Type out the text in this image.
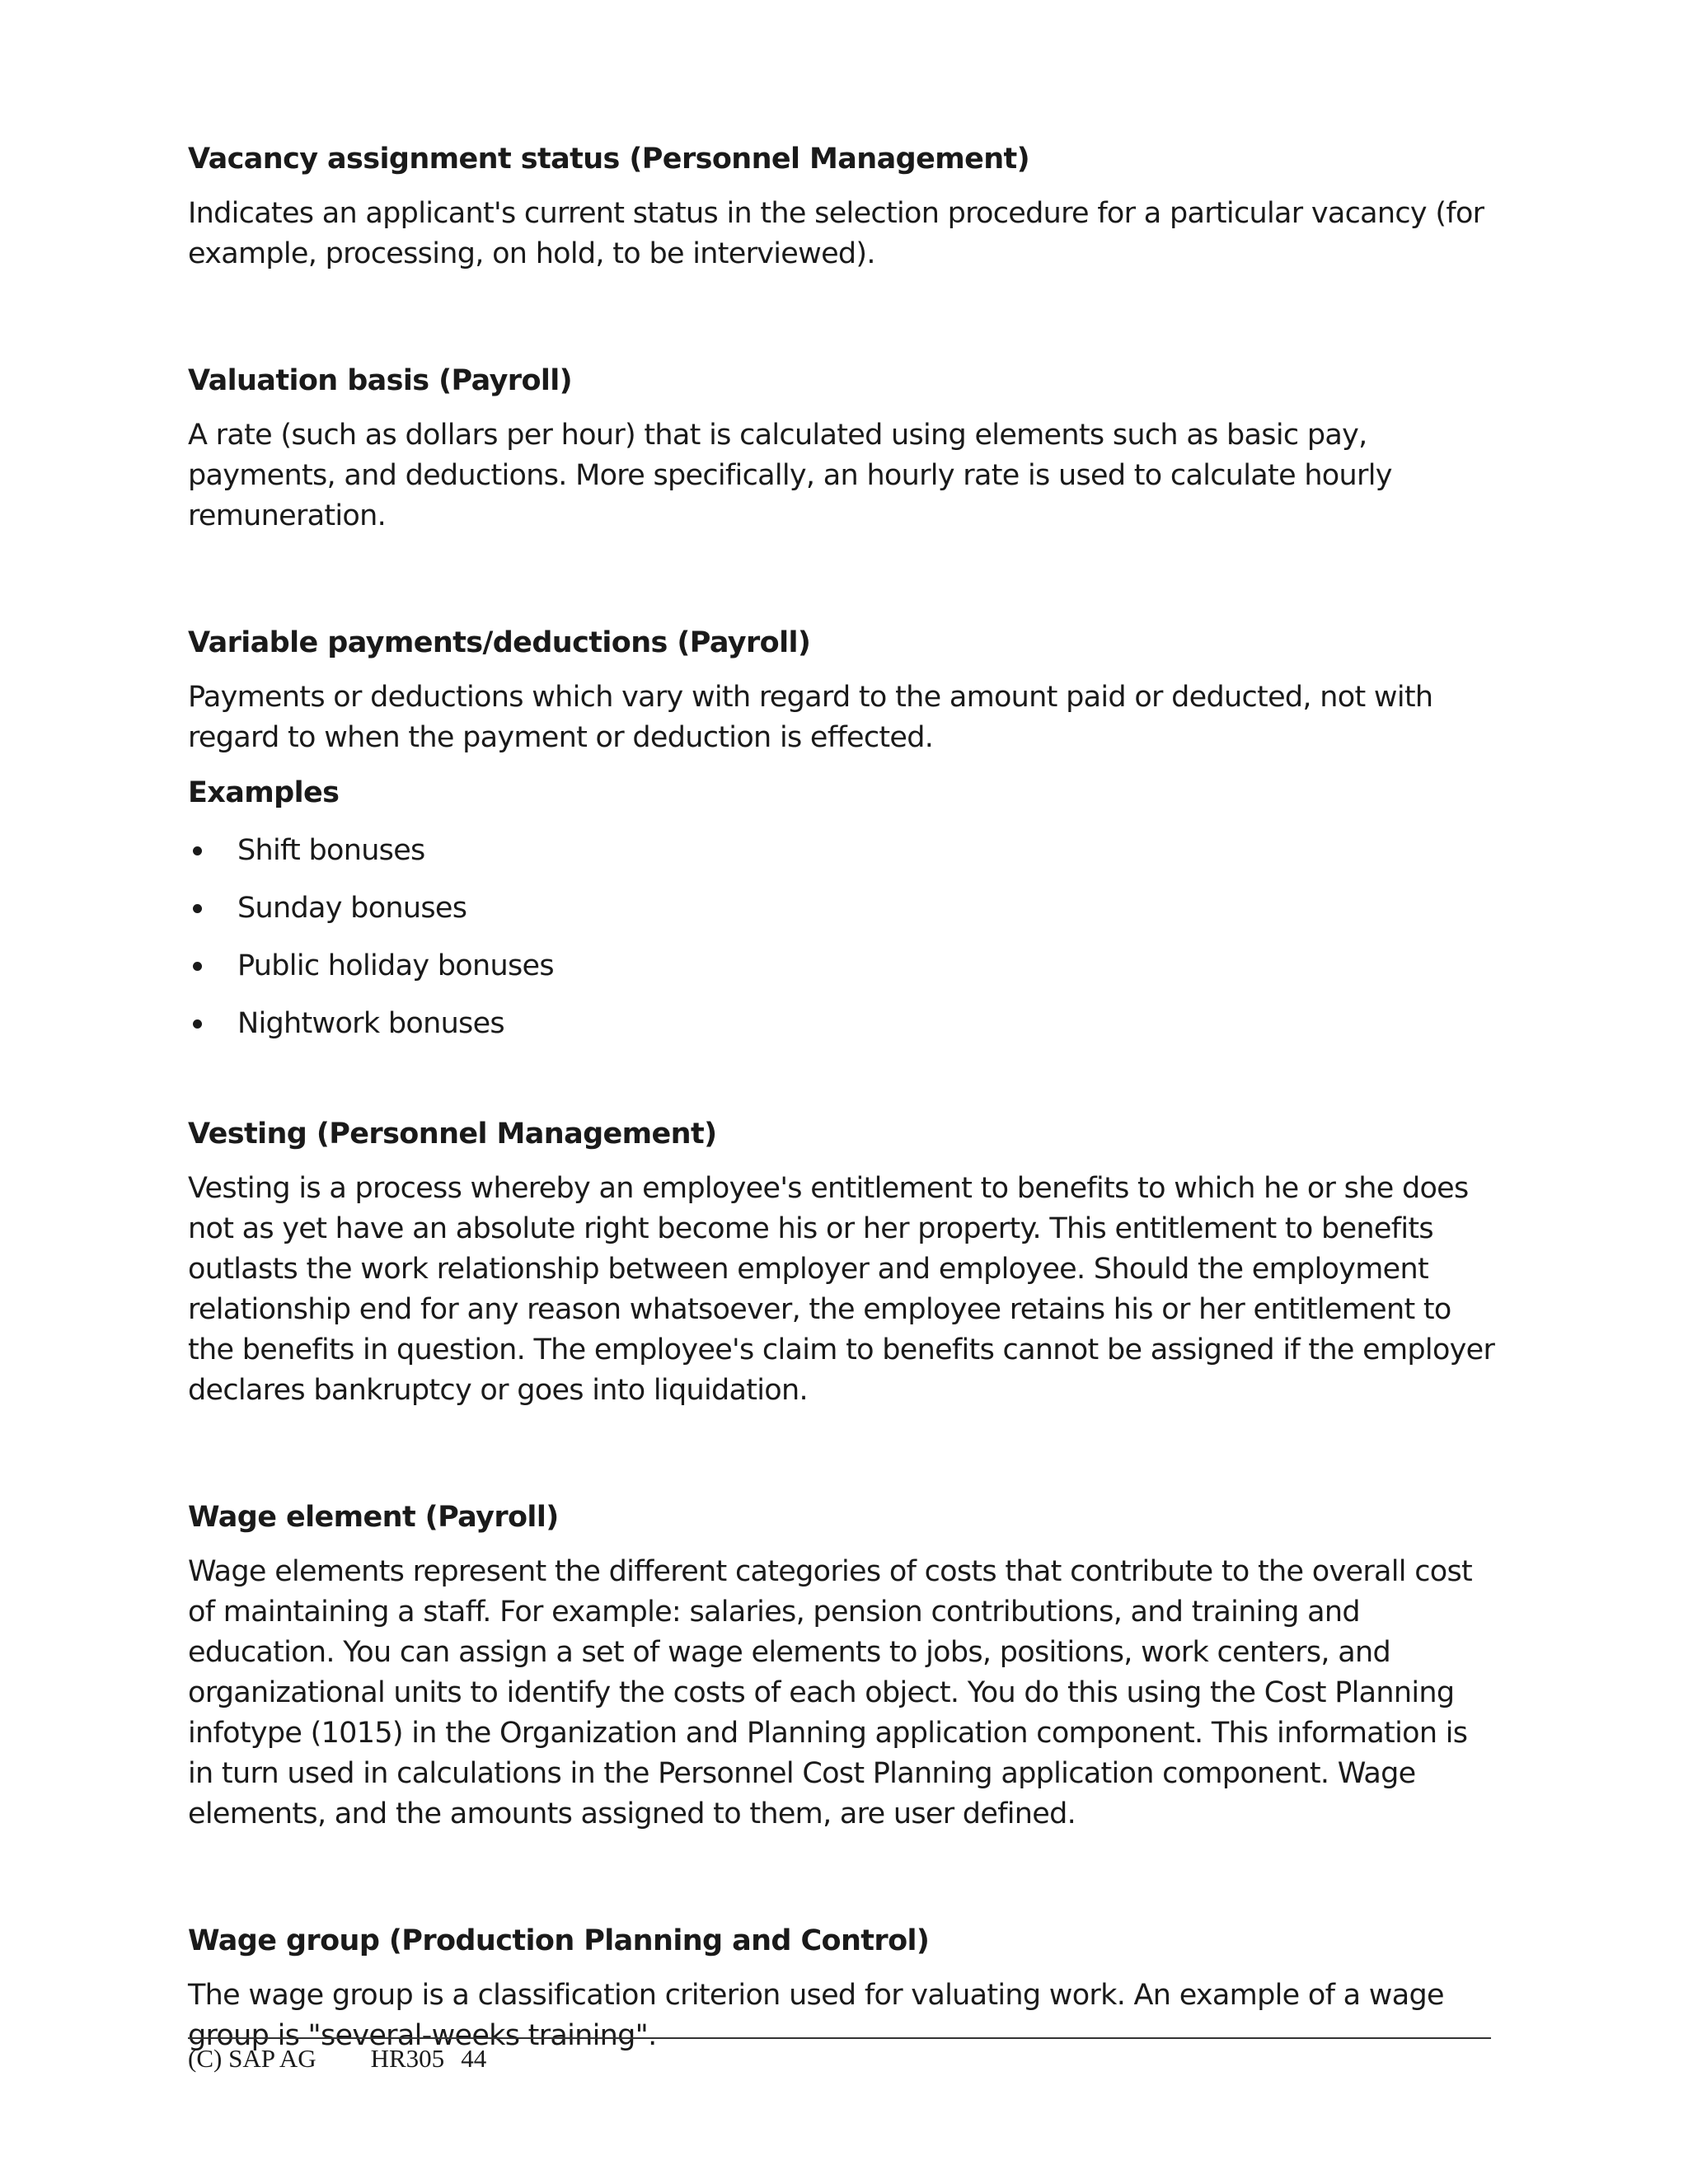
Vacancy assignment status (Personnel Management)

Indicates an applicant's current status in the selection procedure for a particular vacancy (for example, processing, on hold, to be interviewed).

Valuation basis (Payroll)

A rate (such as dollars per hour) that is calculated using elements such as basic pay, payments, and deductions. More specifically, an hourly rate is used to calculate hourly remuneration.

Variable payments/deductions (Payroll)

Payments or deductions which vary with regard to the amount paid or deducted, not with regard to when the payment or deduction is effected.

Examples

Shift bonuses
Sunday bonuses
Public holiday bonuses
Nightwork bonuses
Vesting (Personnel Management)

Vesting is a process whereby an employee's entitlement to benefits to which he or she does not as yet have an absolute right become his or her property. This entitlement to benefits outlasts the work relationship between employer and employee. Should the employment relationship end for any reason whatsoever, the employee retains his or her entitlement to the benefits in question. The employee's claim to benefits cannot be assigned if the employer declares bankruptcy or goes into liquidation.

Wage element (Payroll)

Wage elements represent the different categories of costs that contribute to the overall cost of maintaining a staff. For example: salaries, pension contributions, and training and education. You can assign a set of wage elements to jobs, positions, work centers, and organizational units to identify the costs of each object. You do this using the Cost Planning infotype (1015) in the Organization and Planning application component. This information is in turn used in calculations in the Personnel Cost Planning application component. Wage elements, and the amounts assigned to them, are user defined.

Wage group (Production Planning and Control)

The wage group is a classification criterion used for valuating work. An example of a wage group is "several-weeks training".

(C) SAP AG HR305 44
